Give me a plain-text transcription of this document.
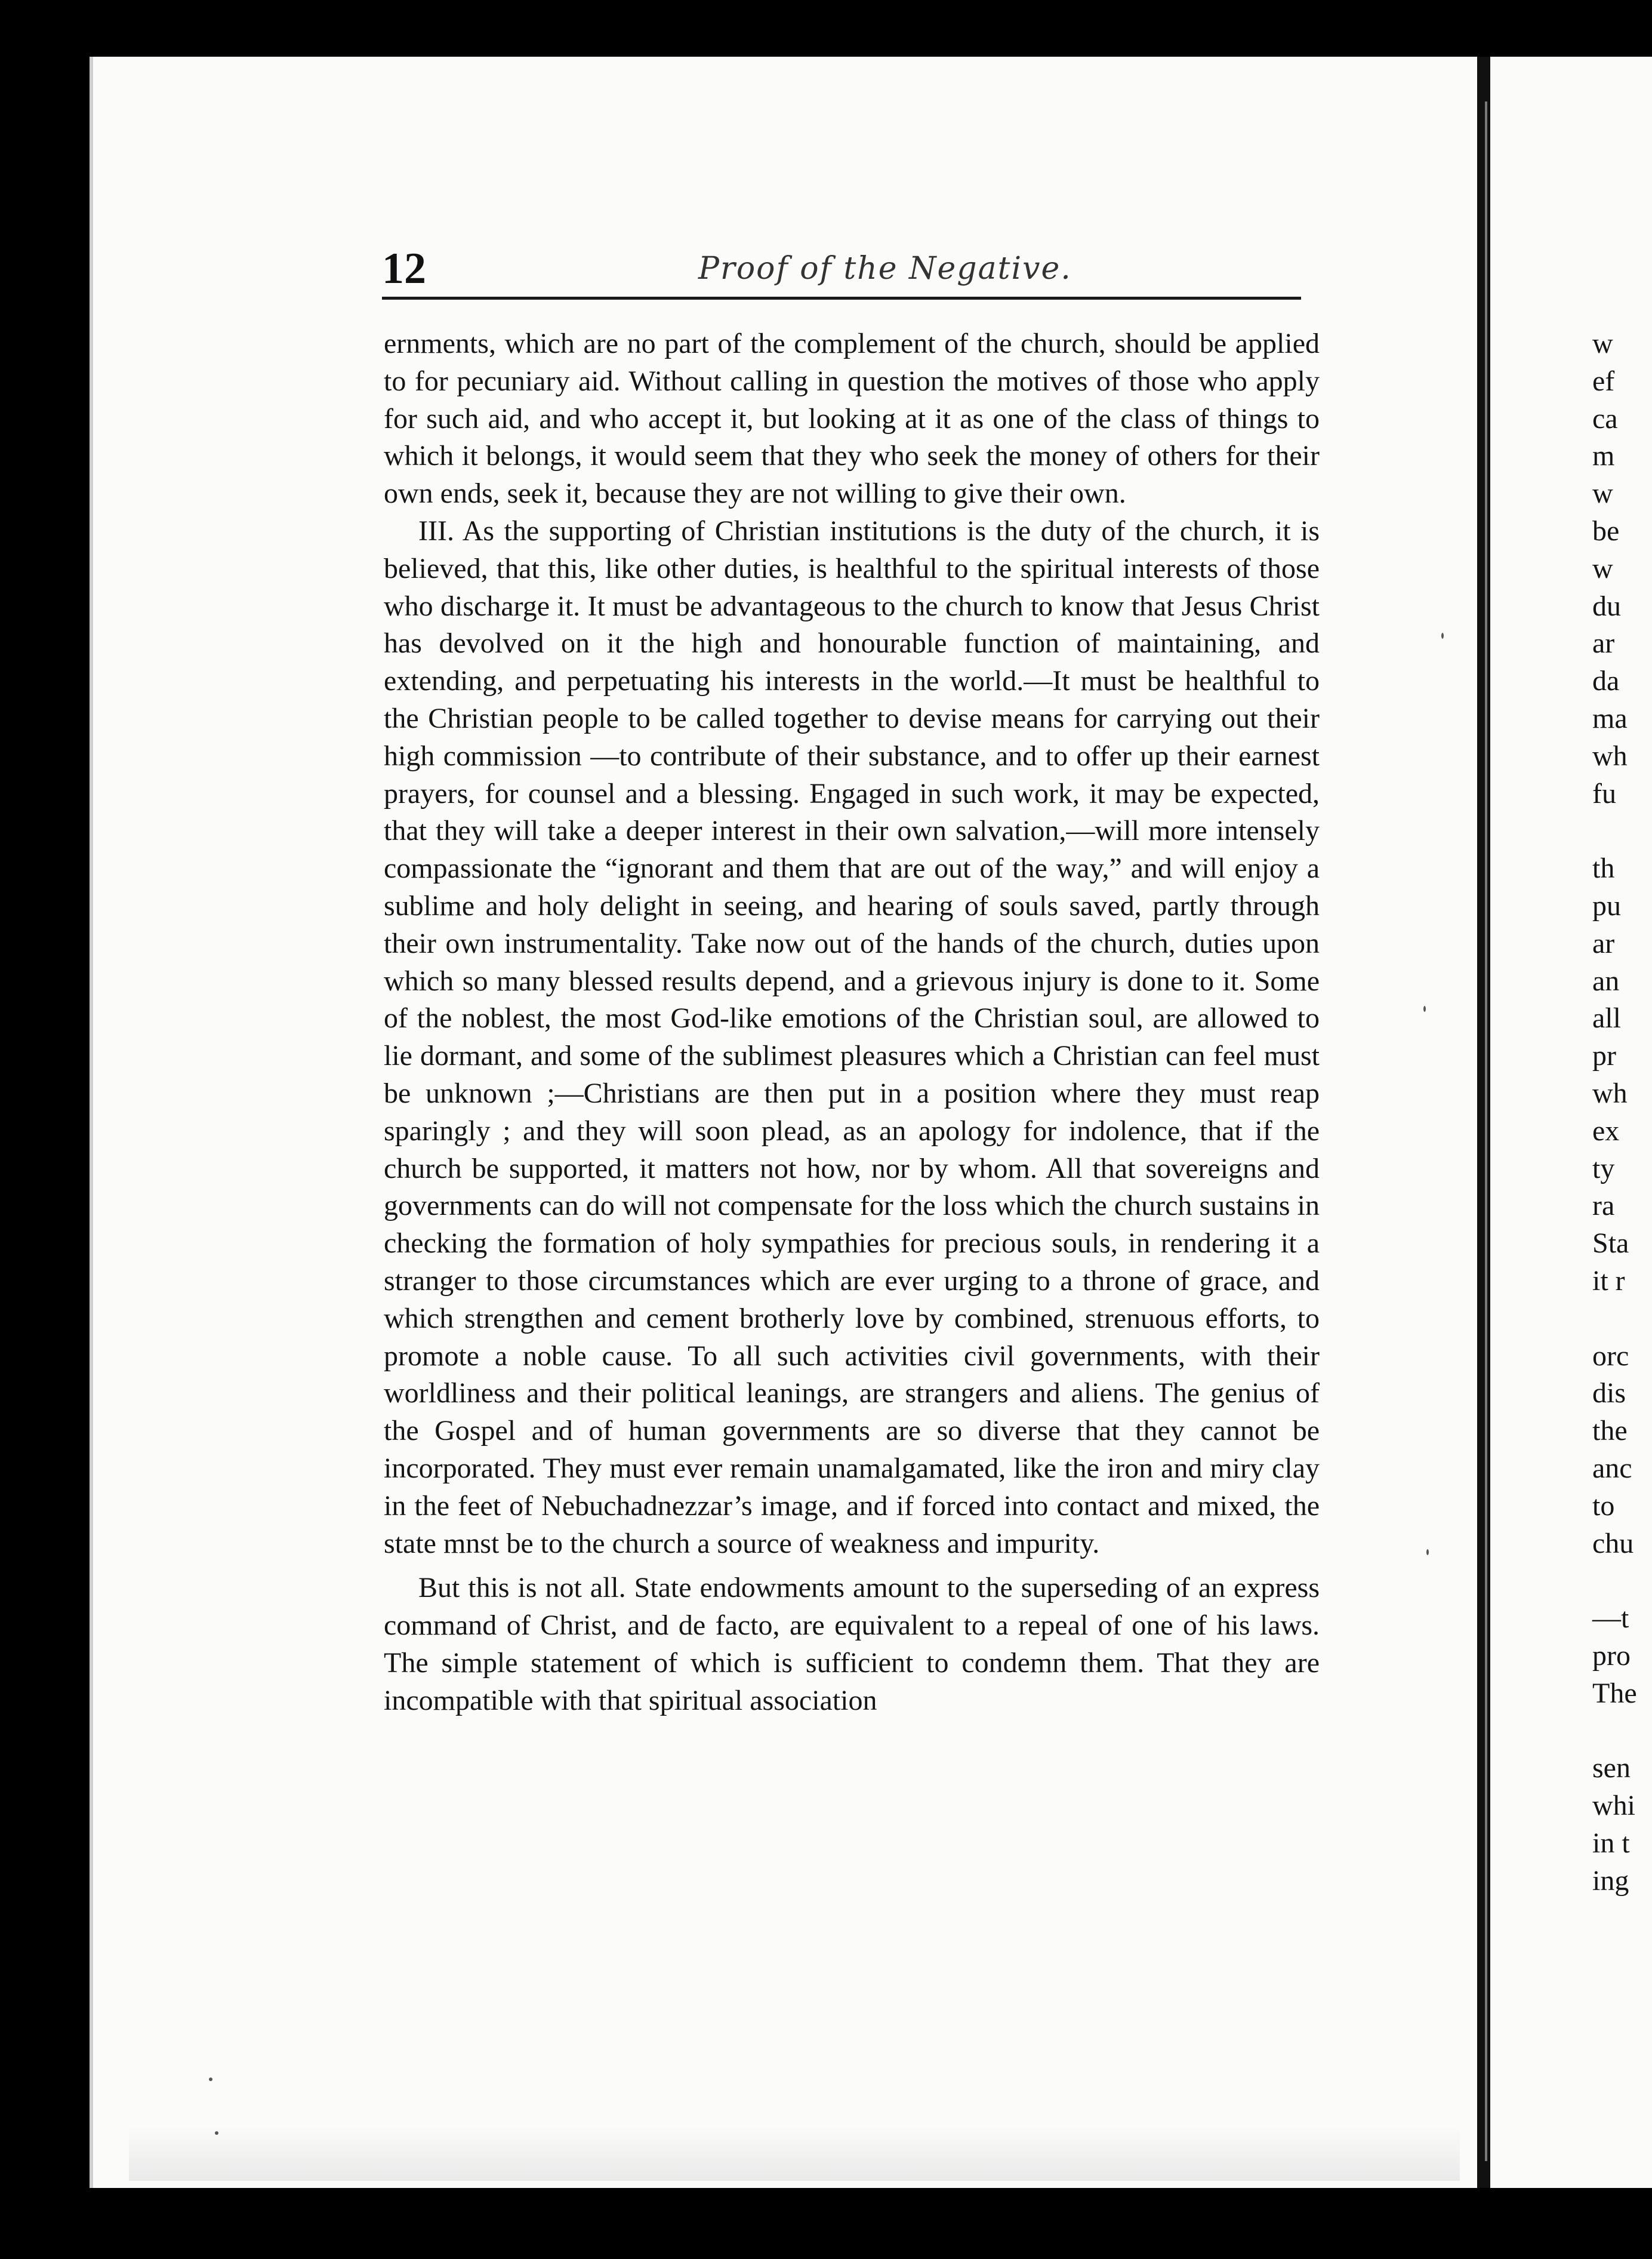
12	Proof of the Negative.

ernments, which are no part of the complement of the church, should be applied to for pecuniary aid. Without calling in question the motives of those who apply for such aid, and who accept it, but looking at it as one of the class of things to which it belongs, it would seem that they who seek the money of others for their own ends, seek it, because they are not willing to give their own.

III. As the supporting of Christian institutions is the duty of the church, it is believed, that this, like other duties, is healthful to the spiritual interests of those who discharge it. It must be advantageous to the church to know that Jesus Christ has devolved on it the high and honourable function of maintaining, and extending, and perpetuating his interests in the world.—It must be healthful to the Christian people to be called together to devise means for carrying out their high commission —to contribute of their substance, and to offer up their earnest prayers, for counsel and a blessing. Engaged in such work, it may be expected, that they will take a deeper interest in their own salvation,—will more intensely compassionate the “ignorant and them that are out of the way,” and will enjoy a sublime and holy delight in seeing, and hearing of souls saved, partly through their own instrumentality. Take now out of the hands of the church, duties upon which so many blessed results depend, and a grievous injury is done to it. Some of the noblest, the most God-like emotions of the Christian soul, are allowed to lie dormant, and some of the sublimest pleasures which a Christian can feel must be unknown ;—Christians are then put in a position where they must reap sparingly ; and they will soon plead, as an apology for indolence, that if the church be supported, it matters not how, nor by whom. All that sovereigns and governments can do will not compensate for the loss which the church sustains in checking the formation of holy sympathies for precious souls, in rendering it a stranger to those circumstances which are ever urging to a throne of grace, and which strengthen and cement brotherly love by combined, strenuous efforts, to promote a noble cause. To all such activities civil governments, with their worldliness and their political leanings, are strangers and aliens. The genius of the Gospel and of human governments are so diverse that they cannot be incorporated. They must ever remain unamalgamated, like the iron and miry clay in the feet of Nebuchadnezzar’s image, and if forced into contact and mixed, the state mnst be to the church a source of weakness and impurity.

But this is not all. State endowments amount to the superseding of an express command of Christ, and de facto, are equivalent to a repeal of one of his laws. The simple statement of which is sufficient to condemn them. That they are incompatible with that spiritual association

w
ef
ca
m
w
be
w
du
ar
da
ma
wh
fu

th
pu
ar
an
all
pr
wh
ex
ty
ra
Sta
it r

orc
dis
the
anc
to
chu

—t
pro
The

sen
whi
in t
ing
